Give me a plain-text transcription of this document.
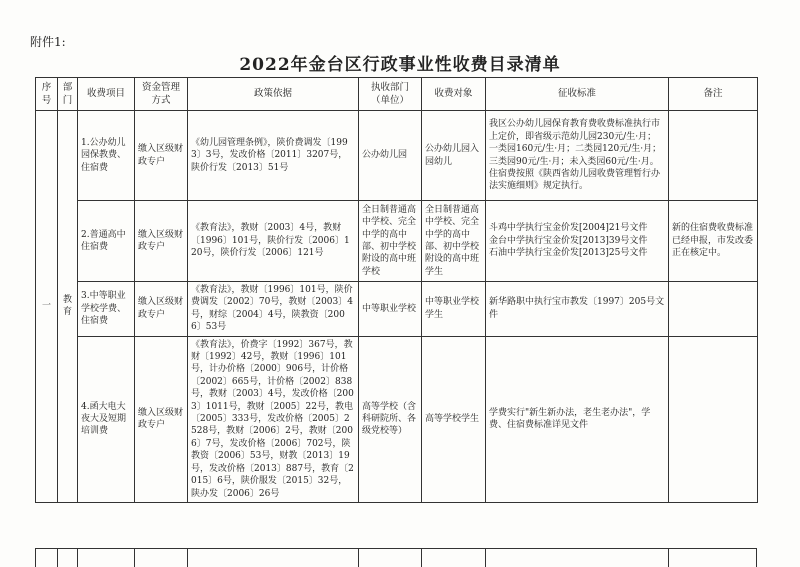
附件1:
2022年金台区行政事业性收费目录清单
序号	部门	收费项目	资金管理方式	政策依据	执收部门（单位）	收费对象	征收标准	备注
一	教育	1.公办幼儿园保教费、住宿费	缴入区级财政专户	《幼儿园管理条例》，陕价费调发〔1993〕3号，发改价格〔2011〕3207号，陕价行发〔2013〕51号	公办幼儿园	公办幼儿园入园幼儿	我区公办幼儿园保育教育费收费标准执行市上定价，即省级示范幼儿园230元/生·月；一类园160元/生·月；二类园120元/生·月；三类园90元/生·月；未入类园60元/生·月。住宿费按照《陕西省幼儿园收费管理暂行办法实施细则》规定执行。	
		2.普通高中住宿费	缴入区级财政专户	《教育法》，教财〔2003〕4号，教财〔1996〕101号，陕价行发〔2006〕120号，陕价行发〔2006〕121号	全日制普通高中学校、完全中学的高中部、初中学校附设的高中班学校	全日制普通高中学校、完全中学的高中部、初中学校附设的高中班学生	斗鸡中学执行宝金价发[2004]21号文件
金台中学执行宝金价发[2013]39号文件
石油中学执行宝金价发[2013]25号文件	新的住宿费收费标准已经申报，市发改委正在核定中。
		3.中等职业学校学费、住宿费	缴入区级财政专户	《教育法》，教财〔1996〕101号，陕价费调发〔2002〕70号，教财〔2003〕4号，财综〔2004〕4号，陕教资〔2006〕53号	中等职业学校	中等职业学校学生	新华路职中执行宝市教发〔1997〕205号文件	
		4.函大电大夜大及短期培训费	缴入区级财政专户	《教育法》，价费字〔1992〕367号，教财〔1992〕42号，教财〔1996〕101号，计办价格〔2000〕906号，计价格〔2002〕665号，计价格〔2002〕838号，教财〔2003〕4号，发改价格〔2003〕1011号，教财〔2005〕22号，教电〔2005〕333号，发改价格〔2005〕2528号，教财〔2006〕2号，教财〔2006〕7号，发改价格〔2006〕702号，陕教资〔2006〕53号，财教〔2013〕19号，发改价格〔2013〕887号，教育〔2015〕6号，陕价服发〔2015〕32号，陕办发〔2006〕26号	高等学校（含科研院所、各级党校等）	高等学校学生	学费实行"新生新办法，老生老办法"，学费、住宿费标准详见文件	
